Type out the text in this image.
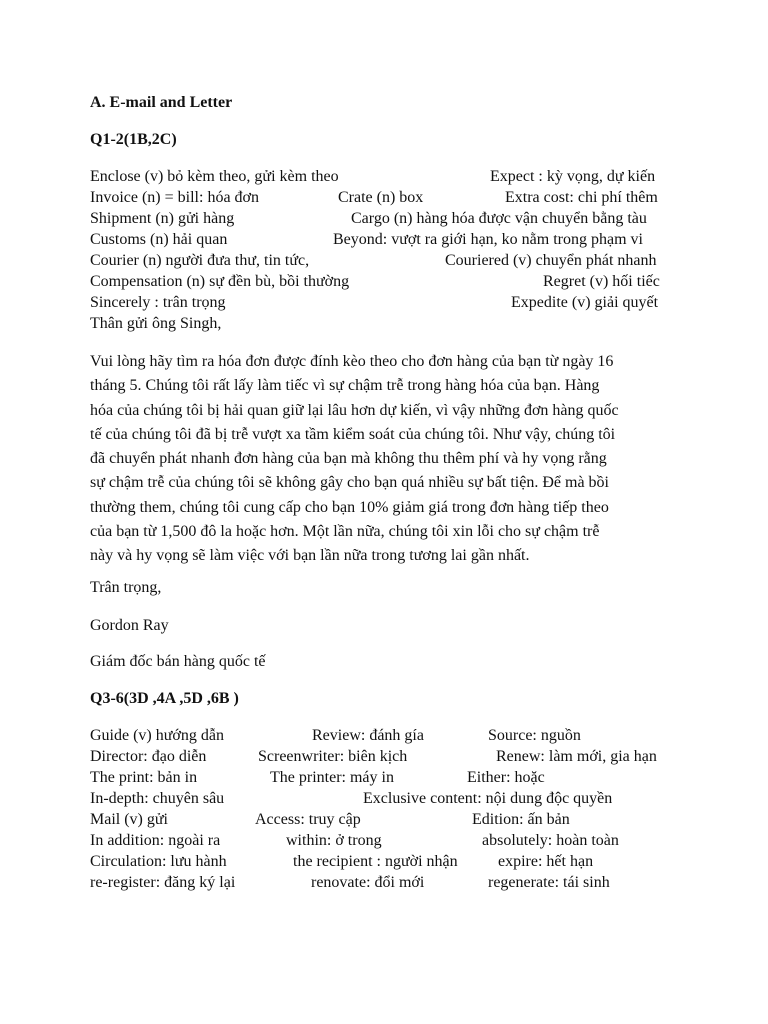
A. E-mail and Letter
Q1-2(1B,2C)
Enclose (v) bỏ kèm theo, gửi kèm theo	Expect : kỳ vọng, dự kiến
Invoice (n) = bill: hóa đơn	Crate (n) box	Extra cost: chi phí thêm
Shipment (n) gửi hàng	Cargo (n) hàng hóa được vận chuyển bằng tàu
Customs (n) hải quan	Beyond: vượt ra giới hạn, ko nằm trong phạm vi
Courier (n) người đưa thư, tin tức,	Couriered (v) chuyển phát nhanh
Compensation (n) sự đền bù, bồi thường	Regret (v) hối tiếc
Sincerely : trân trọng	Expedite (v) giải quyết
Thân gửi ông Singh,
Vui lòng hãy tìm ra hóa đơn được đính kèo theo cho đơn hàng của bạn từ ngày 16
tháng 5. Chúng tôi rất lấy làm tiếc vì sự chậm trễ trong hàng hóa của bạn. Hàng
hóa của chúng tôi bị hải quan giữ lại lâu hơn dự kiến, vì vậy những đơn hàng quốc
tế của chúng tôi đã bị trễ vượt xa tầm kiểm soát của chúng tôi. Như vậy, chúng tôi
đã chuyển phát nhanh đơn hàng của bạn mà không thu thêm phí và hy vọng rằng
sự chậm trễ của chúng tôi sẽ không gây cho bạn quá nhiều sự bất tiện. Để mà bồi
thường them, chúng tôi cung cấp cho bạn 10% giảm giá trong đơn hàng tiếp theo
của bạn từ 1,500 đô la hoặc hơn. Một lần nữa, chúng tôi xin lỗi cho sự chậm trễ
này và hy vọng sẽ làm việc với bạn lần nữa trong tương lai gần nhất.
Trân trọng,
Gordon Ray
Giám đốc bán hàng quốc tế
Q3-6(3D ,4A ,5D ,6B )
Guide (v) hướng dẫn	Review: đánh gía	Source: nguồn
Director: đạo diễn	Screenwriter: biên kịch	Renew: làm mới, gia hạn
The print: bản in	The printer: máy in	Either: hoặc
In-depth: chuyên sâu	Exclusive content: nội dung độc quyền
Mail (v) gửi	Access: truy cập	Edition: ấn bản
In addition: ngoài ra	within: ở trong	absolutely: hoàn toàn
Circulation: lưu hành	the recipient : người nhận	expire: hết hạn
re-register: đăng ký lại	renovate: đổi mới	regenerate: tái sinh
